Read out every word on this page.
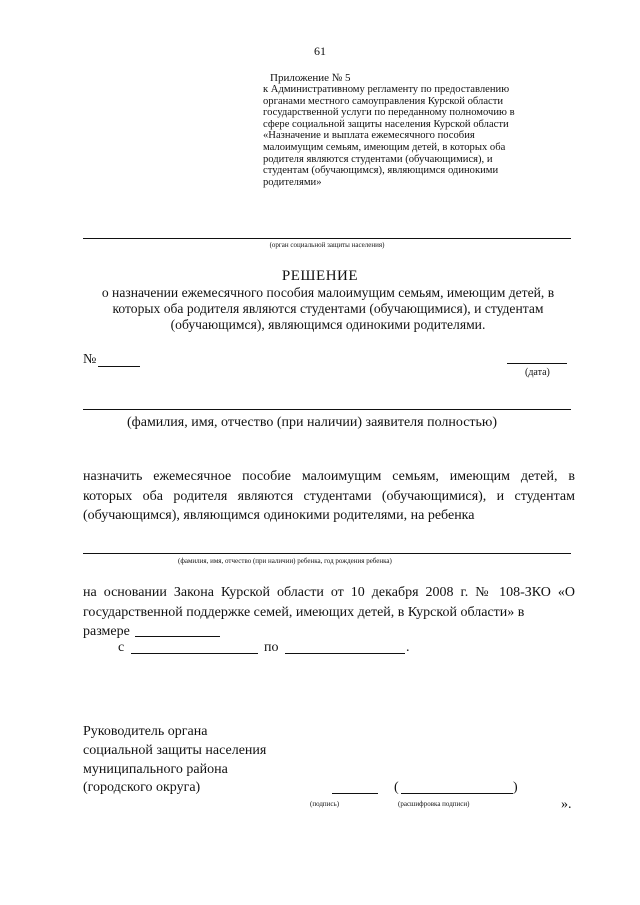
61
Приложение № 5
к Административному регламенту по предоставлению
органами местного самоуправления Курской области
государственной услуги по переданному полномочию в
сфере социальной защиты населения Курской области
«Назначение и выплата ежемесячного пособия
малоимущим семьям, имеющим детей, в которых оба
родителя являются студентами (обучающимися), и
студентам (обучающимся), являющимся одинокими
родителями»
(орган социальной защиты населения)
РЕШЕНИЕ
о назначении ежемесячного пособия малоимущим семьям, имеющим детей, в которых оба родителя являются студентами (обучающимися), и студентам (обучающимся), являющимся одинокими родителями.
№
(дата)
(фамилия, имя, отчество (при наличии) заявителя полностью)
назначить ежемесячное пособие малоимущим семьям, имеющим детей, в которых оба родителя являются студентами (обучающимися), и студентам (обучающимся), являющимся одинокими родителями, на ребенка
(фамилия, имя, отчество (при наличии) ребенка, год рождения ребенка)
на основании Закона Курской области от 10 декабря 2008 г. № 108-ЗКО «О государственной поддержке семей, имеющих детей, в Курской области» в
размере
с	по	.
Руководитель органа
социальной защиты населения
муниципального района
(городского округа)
(подпись)
(	)
(расшифровка подписи)	».
